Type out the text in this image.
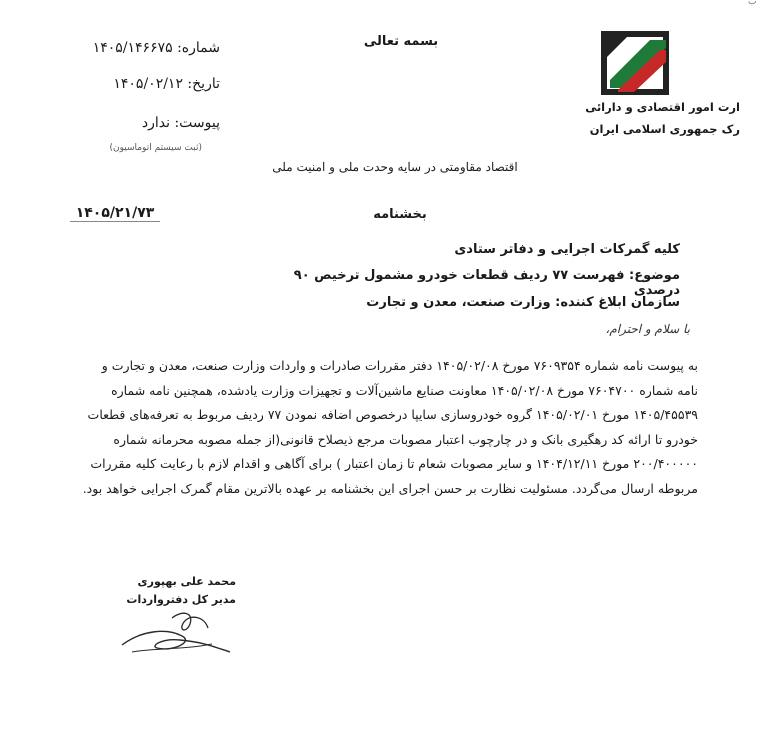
ب
بسمه تعالی
شماره: ۱۴۰۵/۱۴۶۶۷۵
تاریخ: ۱۴۰۵/۰۲/۱۲
پیوست: ندارد
(ثبت سیستم اتوماسیون)
ارت امور اقتصادی و دارائی
رک جمهوری اسلامی ایران
اقتصاد مقاومتی در سایه وحدت ملی و امنیت ملی
بخشنامه
۱۴۰۵/۲۱/۷۳
کلیه گمرکات اجرایی و دفاتر ستادی
موضوع: فهرست ۷۷ ردیف قطعات خودرو مشمول ترخیص ۹۰ درصدی
سازمان ابلاغ کننده: وزارت صنعت، معدن و تجارت
با سلام و احترام،
به پیوست نامه شماره ۷۶۰۹۳۵۴ مورخ ۱۴۰۵/۰۲/۰۸ دفتر مقررات صادرات و واردات وزارت صنعت، معدن و تجارت و
نامه شماره ۷۶۰۴۷۰۰ مورخ ۱۴۰۵/۰۲/۰۸ معاونت صنایع ماشین‌آلات و تجهیزات وزارت یادشده، همچنین نامه شماره
۱۴۰۵/۴۵۵۳۹ مورخ ۱۴۰۵/۰۲/۰۱ گروه خودروسازی سایپا درخصوص اضافه نمودن ۷۷ ردیف مربوط به تعرفه‌های قطعات
خودرو تا ارائه کد رهگیری بانک و در چارچوب اعتبار مصوبات مرجع ذیصلاح قانونی(از جمله مصوبه محرمانه شماره
۲۰۰/۴۰۰۰۰۰ مورخ ۱۴۰۴/۱۲/۱۱ و سایر مصوبات شعام تا زمان اعتبار ) برای آگاهی و اقدام لازم با رعایت کلیه مقررات
مربوطه ارسال می‌گردد. مسئولیت نظارت بر حسن اجرای این بخشنامه بر عهده بالاترین مقام گمرک اجرایی خواهد بود.
محمد علی بهپوری
مدیر کل دفترواردات
